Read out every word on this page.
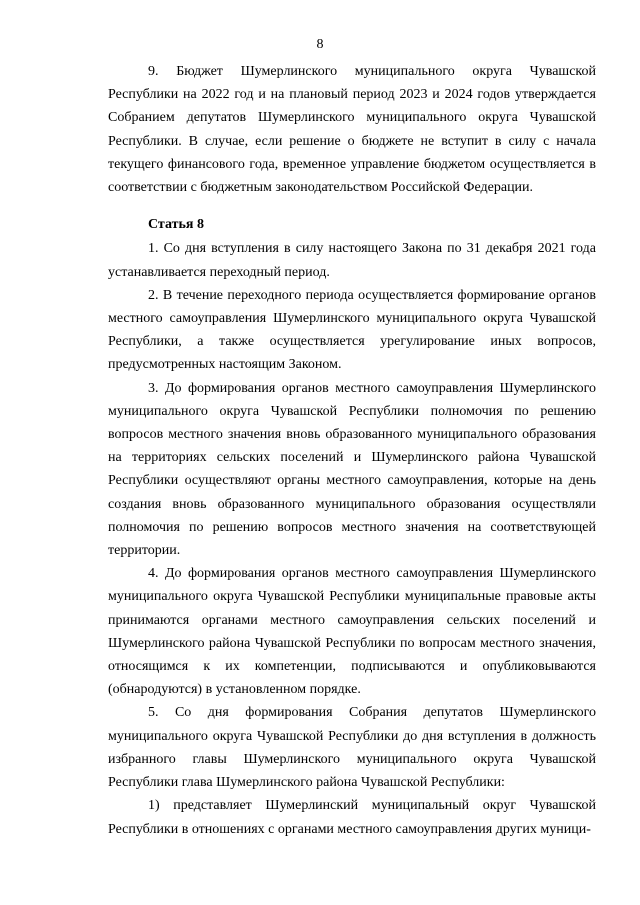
8

9. Бюджет Шумерлинского муниципального округа Чувашской Республики на 2022 год и на плановый период 2023 и 2024 годов утверждается Собранием депутатов Шумерлинского муниципального округа Чувашской Республики. В случае, если решение о бюджете не вступит в силу с начала текущего финансового года, временное управление бюджетом осуществляется в соответствии с бюджетным законодательством Российской Федерации.

Статья 8

1. Со дня вступления в силу настоящего Закона по 31 декабря 2021 года устанавливается переходный период.

2. В течение переходного периода осуществляется формирование органов местного самоуправления Шумерлинского муниципального округа Чувашской Республики, а также осуществляется урегулирование иных вопросов, предусмотренных настоящим Законом.

3. До формирования органов местного самоуправления Шумерлинского муниципального округа Чувашской Республики полномочия по решению вопросов местного значения вновь образованного муниципального образования на территориях сельских поселений и Шумерлинского района Чувашской Республики осуществляют органы местного самоуправления, которые на день создания вновь образованного муниципального образования осуществляли полномочия по решению вопросов местного значения на соответствующей территории.

4. До формирования органов местного самоуправления Шумерлинского муниципального округа Чувашской Республики муниципальные правовые акты принимаются органами местного самоуправления сельских поселений и Шумерлинского района Чувашской Республики по вопросам местного значения, относящимся к их компетенции, подписываются и опубликовываются (обнародуются) в установленном порядке.

5. Со дня формирования Собрания депутатов Шумерлинского муниципального округа Чувашской Республики до дня вступления в должность избранного главы Шумерлинского муниципального округа Чувашской Республики глава Шумерлинского района Чувашской Республики:

1) представляет Шумерлинский муниципальный округ Чувашской Республики в отношениях с органами местного самоуправления других муници-
